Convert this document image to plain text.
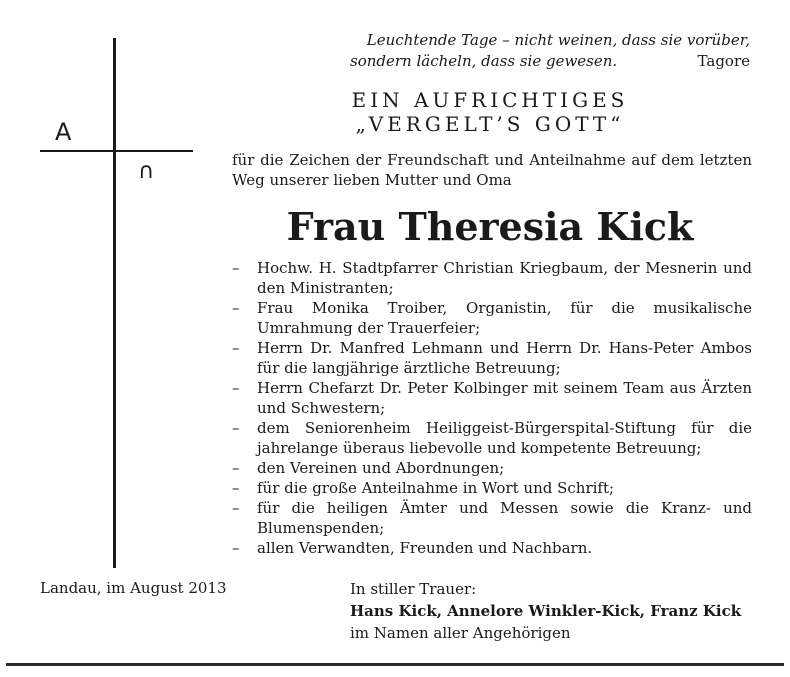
A
∩
Leuchtende Tage – nicht weinen, dass sie vorüber,
sondern lächeln, dass sie gewesen.	Tagore
EIN AUFRICHTIGES
„VERGELT’S GOTT“
für die Zeichen der Freundschaft und Anteilnahme auf dem letzten Weg unserer lieben Mutter und Oma
Frau Theresia Kick
– Hochw. H. Stadtpfarrer Christian Kriegbaum, der Mesnerin und den Ministranten;
– Frau Monika Troiber, Organistin, für die musikalische Umrahmung der Trauerfeier;
– Herrn Dr. Manfred Lehmann und Herrn Dr. Hans-Peter Ambos für die langjährige ärztliche Betreuung;
– Herrn Chefarzt Dr. Peter Kolbinger mit seinem Team aus Ärzten und Schwestern;
– dem Seniorenheim Heiliggeist-Bürgerspital-Stiftung für die jahrelange überaus liebevolle und kompetente Betreuung;
– den Vereinen und Abordnungen;
– für die große Anteilnahme in Wort und Schrift;
– für die heiligen Ämter und Messen sowie die Kranz- und Blumenspenden;
– allen Verwandten, Freunden und Nachbarn.
Landau, im August 2013	In stiller Trauer:
Hans Kick, Annelore Winkler-Kick, Franz Kick
im Namen aller Angehörigen
